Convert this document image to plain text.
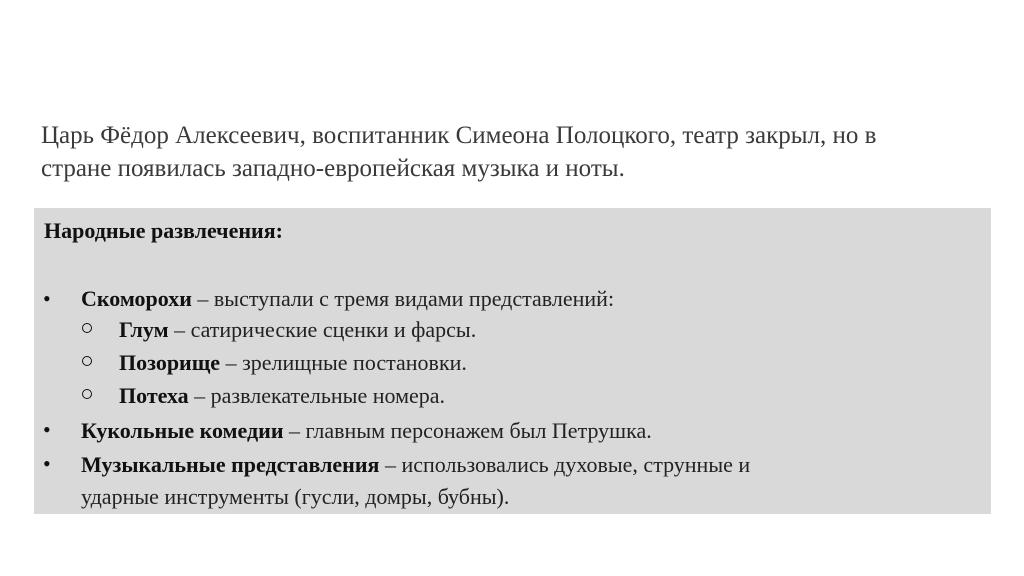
Царь Фёдор Алексеевич, воспитанник Симеона Полоцкого, театр закрыл, но в
стране появилась западно-европейская музыка и ноты.
Народные развлечения:
• Скоморохи – выступали с тремя видами представлений:
Глум – сатирические сценки и фарсы.
Позорище – зрелищные постановки.
Потеха – развлекательные номера.
• Кукольные комедии – главным персонажем был Петрушка.
• Музыкальные представления – использовались духовые, струнные и
ударные инструменты (гусли, домры, бубны).
